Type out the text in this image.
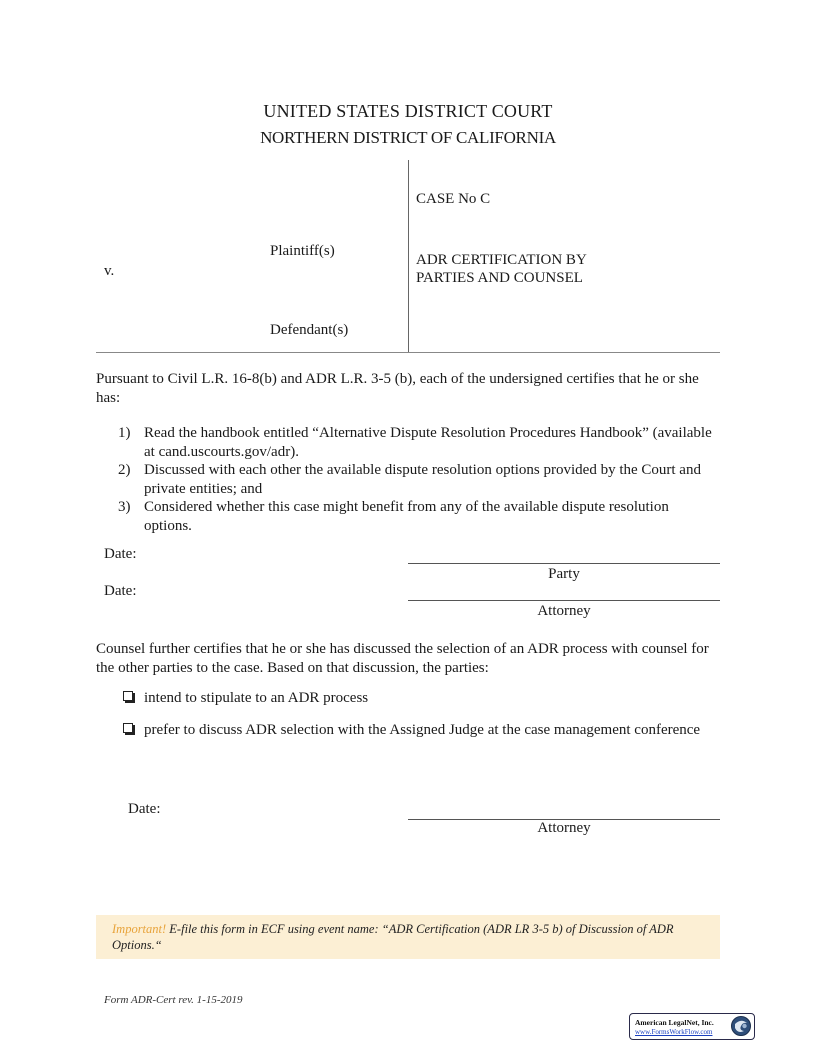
UNITED STATES DISTRICT COURT
NORTHERN DISTRICT OF CALIFORNIA
Plaintiff(s)
v.
Defendant(s)
CASE No C
ADR CERTIFICATION BY
PARTIES AND COUNSEL
Pursuant to Civil L.R. 16-8(b) and ADR L.R. 3-5 (b), each of the undersigned certifies that he or she has:
1) Read the handbook entitled “Alternative Dispute Resolution Procedures Handbook” (available at cand.uscourts.gov/adr).
2) Discussed with each other the available dispute resolution options provided by the Court and private entities; and
3) Considered whether this case might benefit from any of the available dispute resolution options.
Date:
Party
Date:
Attorney
Counsel further certifies that he or she has discussed the selection of an ADR process with counsel for the other parties to the case. Based on that discussion, the parties:
intend to stipulate to an ADR process
prefer to discuss ADR selection with the Assigned Judge at the case management conference
Date:
Attorney
Important! E-file this form in ECF using event name: “ADR Certification (ADR LR 3-5 b) of Discussion of ADR Options.“
Form ADR-Cert rev. 1-15-2019
American LegalNet, Inc.
www.FormsWorkFlow.com
